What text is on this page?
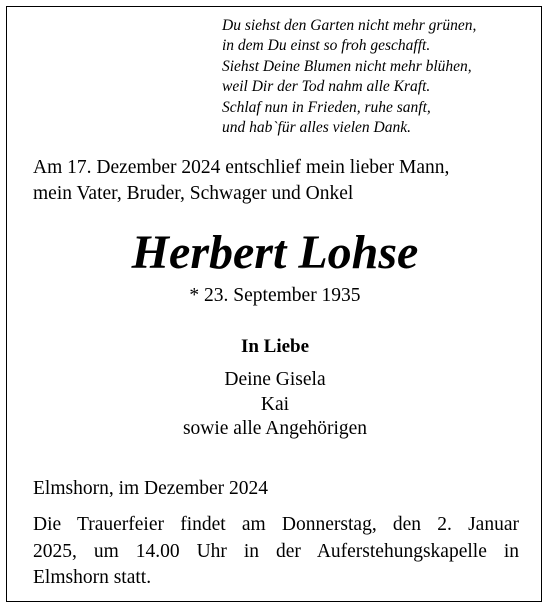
Du siehst den Garten nicht mehr grünen,
in dem Du einst so froh geschafft.
Siehst Deine Blumen nicht mehr blühen,
weil Dir der Tod nahm alle Kraft.
Schlaf nun in Frieden, ruhe sanft,
und hab`für alles vielen Dank.
Am 17. Dezember 2024 entschlief mein lieber Mann,
mein Vater, Bruder, Schwager und Onkel
Herbert Lohse
* 23. September 1935
In Liebe
Deine Gisela
Kai
sowie alle Angehörigen
Elmshorn, im Dezember 2024
Die Trauerfeier findet am Donnerstag, den 2. Januar
2025, um 14.00 Uhr in der Auferstehungskapelle in
Elmshorn statt.
